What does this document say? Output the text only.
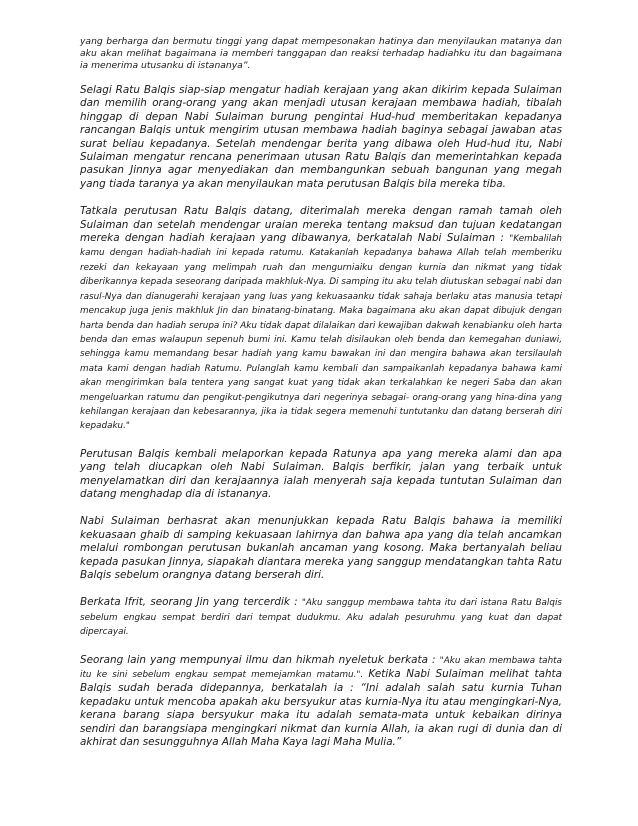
yang berharga dan bermutu tinggi yang dapat mempesonakan hatinya dan menyilaukan matanya dan aku akan melihat bagaimana ia memberi tanggapan dan reaksi terhadap hadiahku itu dan bagaimana ia menerima utusanku di istananya”.

Selagi Ratu Balqis siap-siap mengatur hadiah kerajaan yang akan dikirim kepada Sulaiman dan memilih orang-orang yang akan menjadi utusan kerajaan membawa hadiah, tibalah hinggap di depan Nabi Sulaiman burung pengintai Hud-hud memberitakan kepadanya rancangan Balqis untuk mengirim utusan membawa hadiah baginya sebagai jawaban atas surat beliau kepadanya. Setelah mendengar berita yang dibawa oleh Hud-hud itu, Nabi Sulaiman mengatur rencana penerimaan utusan Ratu Balqis dan memerintahkan kepada pasukan Jinnya agar menyediakan dan membangunkan sebuah bangunan yang megah yang tiada taranya ya akan menyilaukan mata perutusan Balqis bila mereka tiba.

Tatkala perutusan Ratu Balqis datang, diterimalah mereka dengan ramah tamah oleh Sulaiman dan setelah mendengar uraian mereka tentang maksud dan tujuan kedatangan mereka dengan hadiah kerajaan yang dibawanya, berkatalah Nabi Sulaiman : "Kembalilah kamu dengan hadiah-hadiah ini kepada ratumu. Katakanlah kepadanya bahawa Allah telah memberiku rezeki dan kekayaan yang melimpah ruah dan mengurniaiku dengan kurnia dan nikmat yang tidak diberikannya kepada seseorang daripada makhluk-Nya. Di samping itu aku telah diutuskan sebagai nabi dan rasul-Nya dan dianugerahi kerajaan yang luas yang kekuasaanku tidak sahaja berlaku atas manusia tetapi mencakup juga jenis makhluk Jin dan binatang-binatang. Maka bagaimana aku akan dapat dibujuk dengan harta benda dan hadiah serupa ini? Aku tidak dapat dilalaikan dari kewajiban dakwah kenabianku oleh harta benda dan emas walaupun sepenuh bumi ini. Kamu telah disilaukan oleh benda dan kemegahan duniawi, sehingga kamu memandang besar hadiah yang kamu bawakan ini dan mengira bahawa akan tersilaulah mata kami dengan hadiah Ratumu. Pulanglah kamu kembali dan sampaikanlah kepadanya bahawa kami akan mengirimkan bala tentera yang sangat kuat yang tidak akan terkalahkan ke negeri Saba dan akan mengeluarkan ratumu dan pengikut-pengikutnya dari negerinya sebagai- orang-orang yang hina-dina yang kehilangan kerajaan dan kebesarannya, jika ia tidak segera memenuhi tuntutanku dan datang berserah diri kepadaku."

Perutusan Balqis kembali melaporkan kepada Ratunya apa yang mereka alami dan apa yang telah diucapkan oleh Nabi Sulaiman. Balqis berfikir, jalan yang terbaik untuk menyelamatkan diri dan kerajaannya ialah menyerah saja kepada tuntutan Sulaiman dan datang menghadap dia di istananya.

Nabi Sulaiman berhasrat akan menunjukkan kepada Ratu Balqis bahawa ia memiliki kekuasaan ghaib di samping kekuasaan lahirnya dan bahwa apa yang dia telah ancamkan melalui rombongan perutusan bukanlah ancaman yang kosong. Maka bertanyalah beliau kepada pasukan Jinnya, siapakah diantara mereka yang sanggup mendatangkan tahta Ratu Balqis sebelum orangnya datang berserah diri.

Berkata Ifrit, seorang Jin yang tercerdik : "Aku sanggup membawa tahta itu dari istana Ratu Balqis sebelum engkau sempat berdiri dari tempat dudukmu. Aku adalah pesuruhmu yang kuat dan dapat dipercayai.

Seorang lain yang mempunyai ilmu dan hikmah nyeletuk berkata : "Aku akan membawa tahta itu ke sini sebelum engkau sempat memejamkan matamu.". Ketika Nabi Sulaiman melihat tahta Balqis sudah berada didepannya, berkatalah ia : “Ini adalah salah satu kurnia Tuhan kepadaku untuk mencoba apakah aku bersyukur atas kurnia-Nya itu atau mengingkari-Nya, kerana barang siapa bersyukur maka itu adalah semata-mata untuk kebaikan dirinya sendiri dan barangsiapa mengingkari nikmat dan kurnia Allah, ia akan rugi di dunia dan di akhirat dan sesungguhnya Allah Maha Kaya lagi Maha Mulia.”
